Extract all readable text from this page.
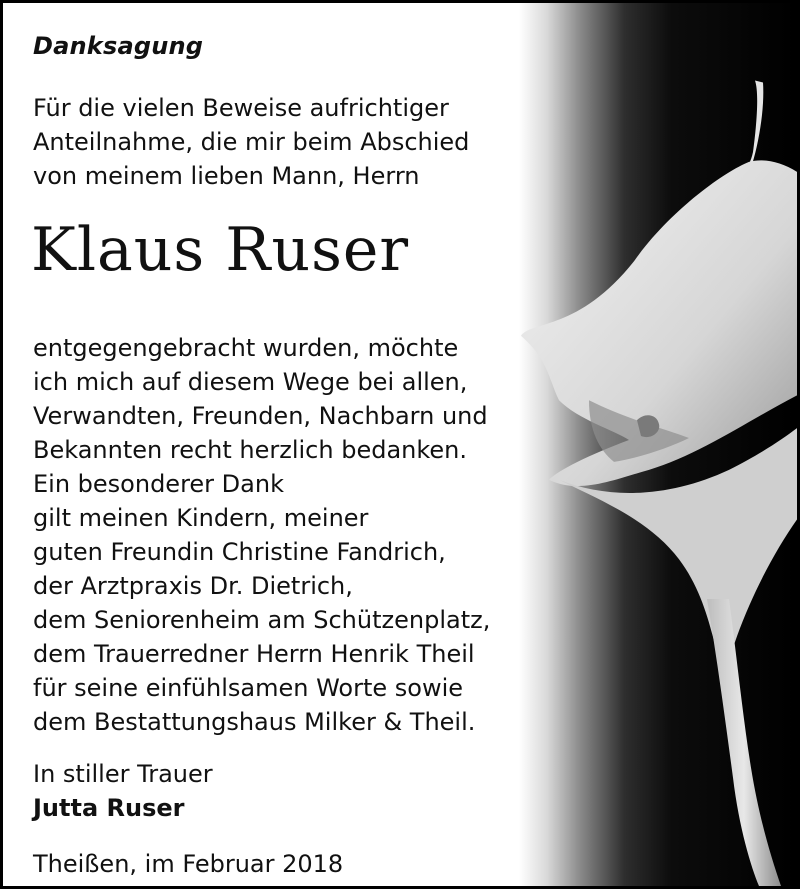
Danksagung
Für die vielen Beweise aufrichtiger
Anteilnahme, die mir beim Abschied
von meinem lieben Mann, Herrn
Klaus Ruser
entgegengebracht wurden, möchte
ich mich auf diesem Wege bei allen,
Verwandten, Freunden, Nachbarn und
Bekannten recht herzlich bedanken.
Ein besonderer Dank
gilt meinen Kindern, meiner
guten Freundin Christine Fandrich,
der Arztpraxis Dr. Dietrich,
dem Seniorenheim am Schützenplatz,
dem Trauerredner Herrn Henrik Theil
für seine einfühlsamen Worte sowie
dem Bestattungshaus Milker & Theil.
In stiller Trauer
Jutta Ruser
Theißen, im Februar 2018
